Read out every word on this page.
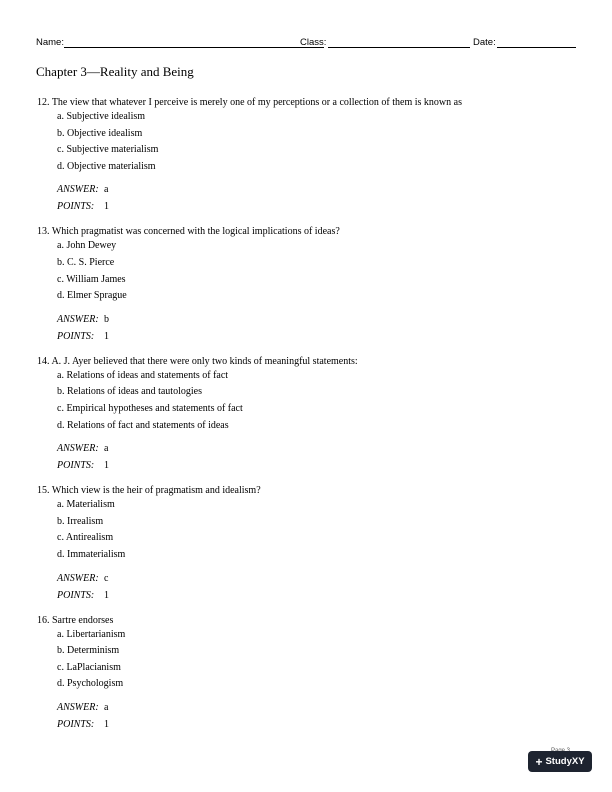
Name:	Class:	Date:
Chapter 3—Reality and Being
12. The view that whatever I perceive is merely one of my perceptions or a collection of them is known as
a. Subjective idealism
b. Objective idealism
c. Subjective materialism
d. Objective materialism
ANSWER: a
POINTS: 1
13. Which pragmatist was concerned with the logical implications of ideas?
a. John Dewey
b. C. S. Pierce
c. William James
d. Elmer Sprague
ANSWER: b
POINTS: 1
14. A. J. Ayer believed that there were only two kinds of meaningful statements:
a. Relations of ideas and statements of fact
b. Relations of ideas and tautologies
c. Empirical hypotheses and statements of fact
d. Relations of fact and statements of ideas
ANSWER: a
POINTS: 1
15. Which view is the heir of pragmatism and idealism?
a. Materialism
b. Irrealism
c. Antirealism
d. Immaterialism
ANSWER: c
POINTS: 1
16. Sartre endorses
a. Libertarianism
b. Determinism
c. LaPlacianism
d. Psychologism
ANSWER: a
POINTS: 1
+ StudyXY
